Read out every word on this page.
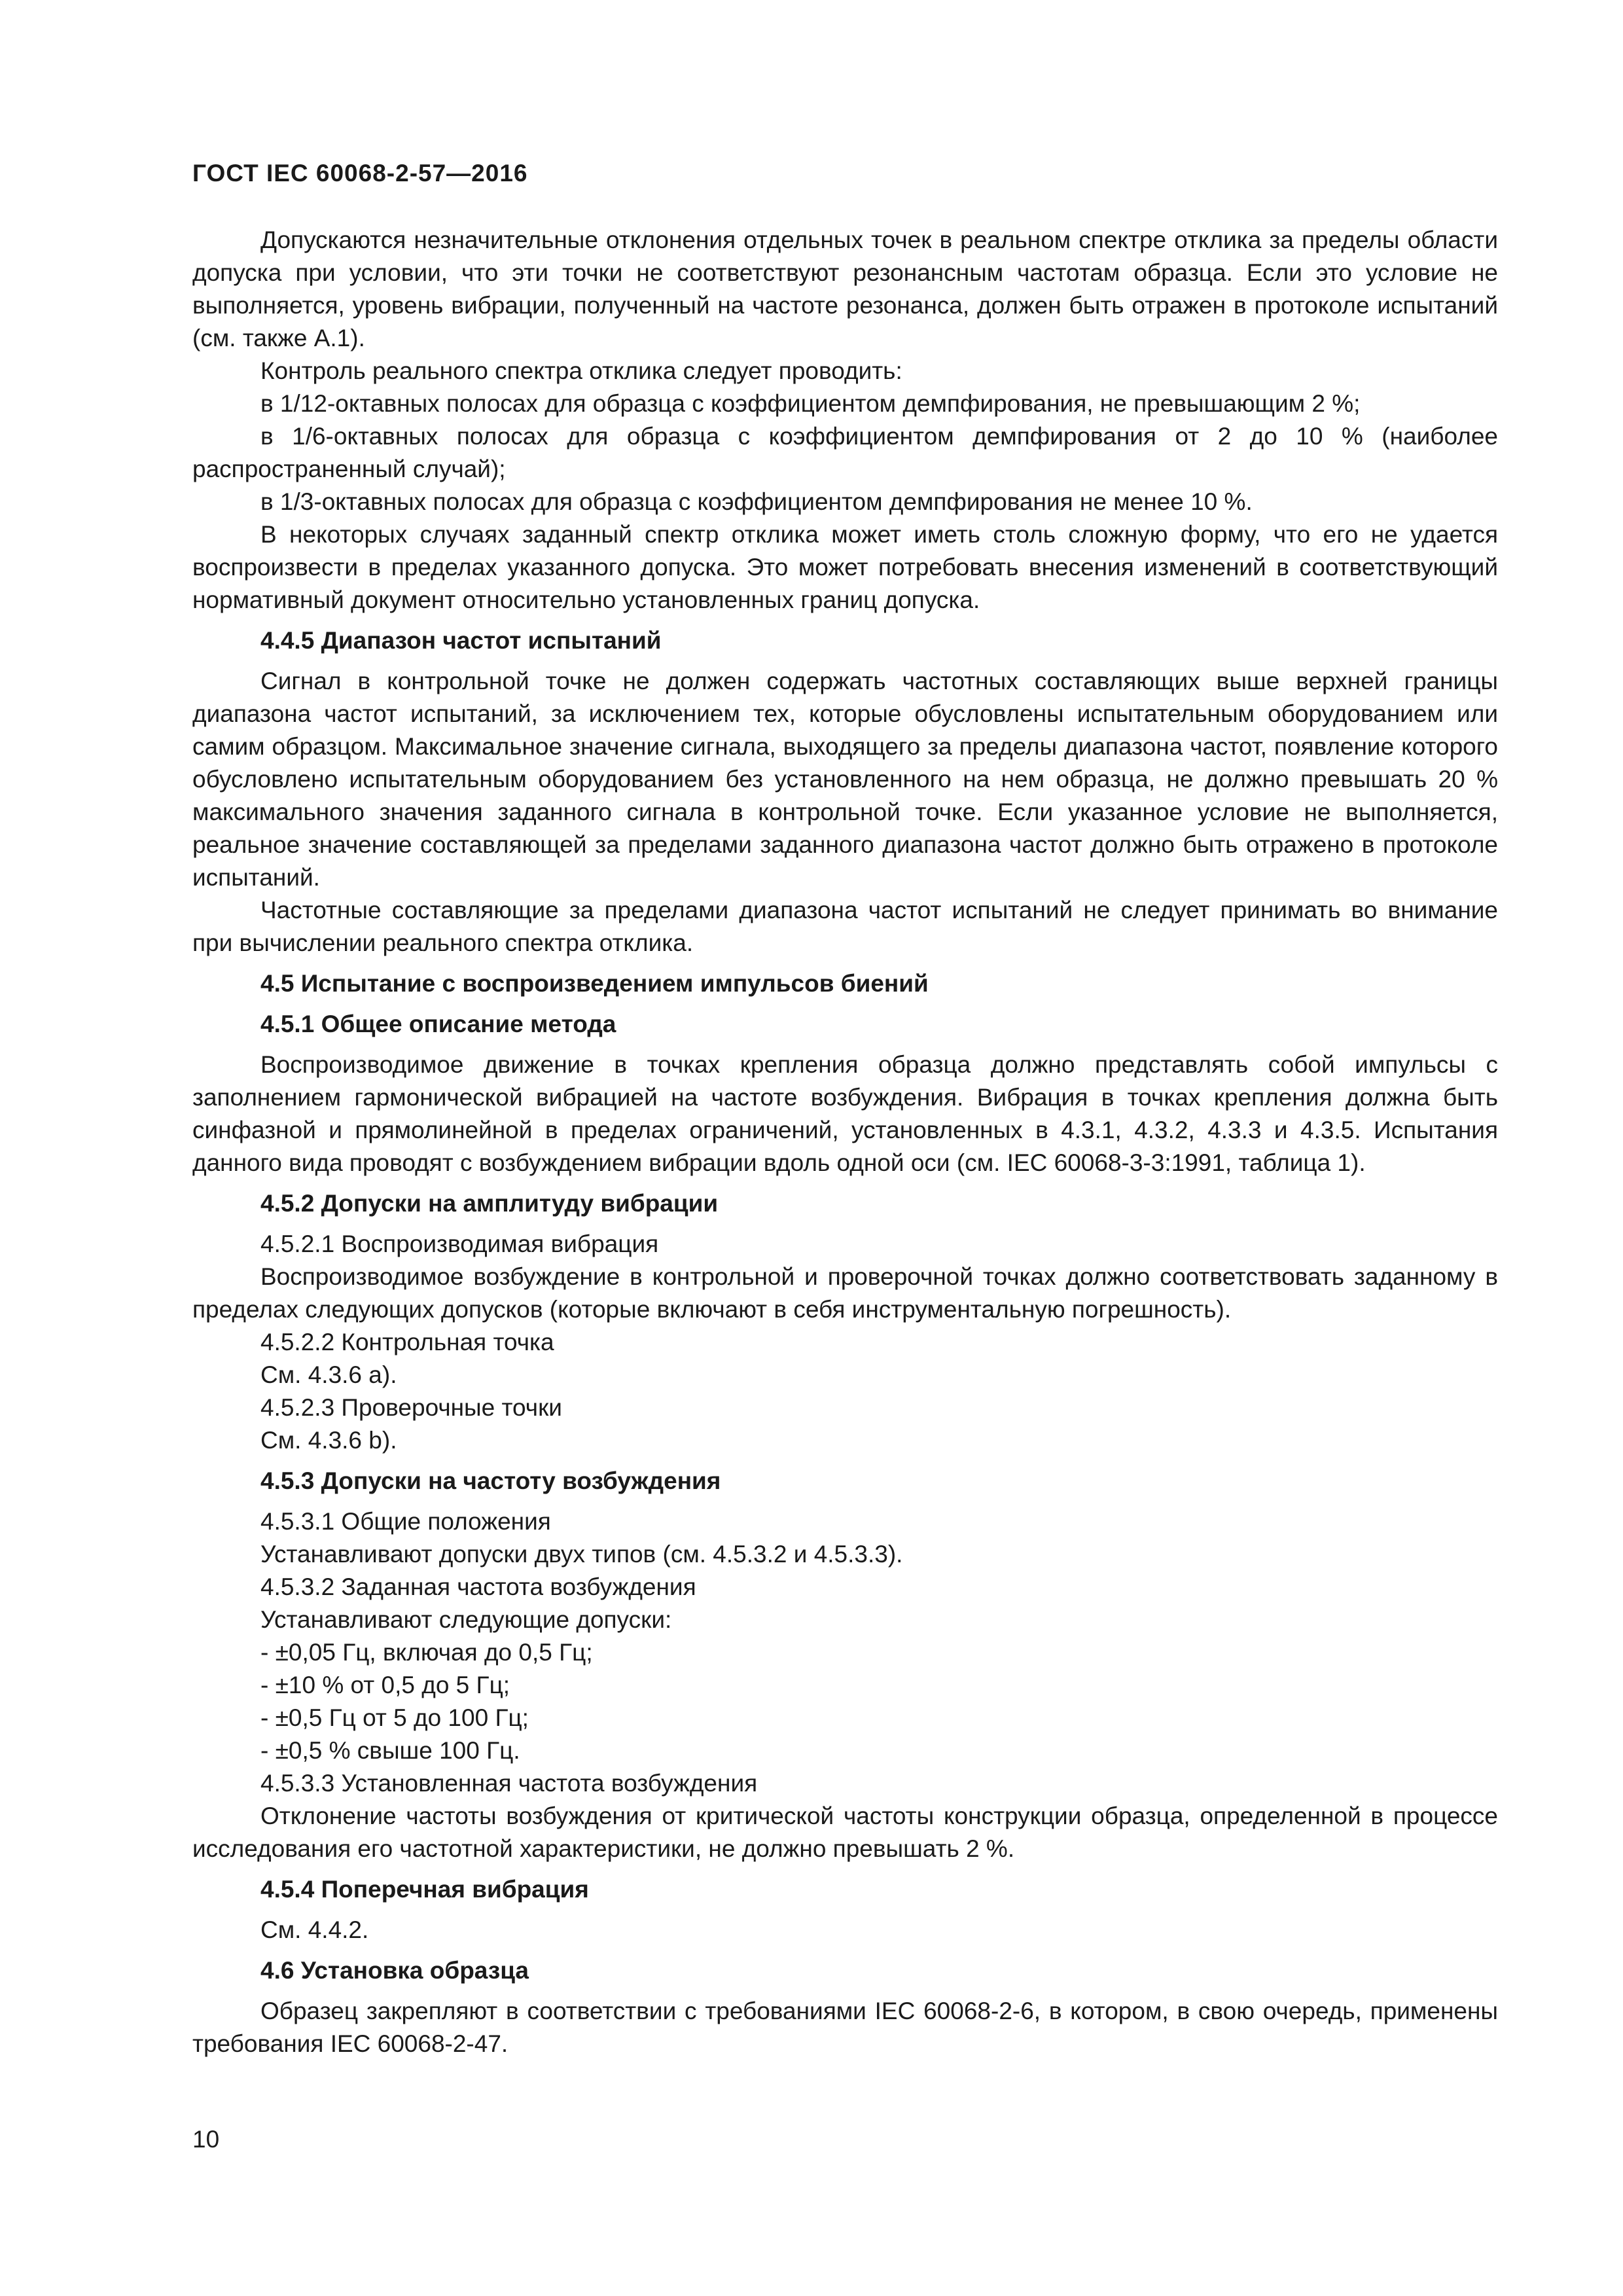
ГОСТ IEC 60068-2-57—2016

Допускаются незначительные отклонения отдельных точек в реальном спектре отклика за пределы области допуска при условии, что эти точки не соответствуют резонансным частотам образца. Если это условие не выполняется, уровень вибрации, полученный на частоте резонанса, должен быть отражен в протоколе испытаний (см. также А.1).

Контроль реального спектра отклика следует проводить:

в 1/12-октавных полосах для образца с коэффициентом демпфирования, не превышающим 2 %;

в 1/6-октавных полосах для образца с коэффициентом демпфирования от 2 до 10 % (наиболее распространенный случай);

в 1/3-октавных полосах для образца с коэффициентом демпфирования не менее 10 %.

В некоторых случаях заданный спектр отклика может иметь столь сложную форму, что его не удается воспроизвести в пределах указанного допуска. Это может потребовать внесения изменений в соответствующий нормативный документ относительно установленных границ допуска.

4.4.5 Диапазон частот испытаний

Сигнал в контрольной точке не должен содержать частотных составляющих выше верхней границы диапазона частот испытаний, за исключением тех, которые обусловлены испытательным оборудованием или самим образцом. Максимальное значение сигнала, выходящего за пределы диапазона частот, появление которого обусловлено испытательным оборудованием без установленного на нем образца, не должно превышать 20 % максимального значения заданного сигнала в контрольной точке. Если указанное условие не выполняется, реальное значение составляющей за пределами заданного диапазона частот должно быть отражено в протоколе испытаний.

Частотные составляющие за пределами диапазона частот испытаний не следует принимать во внимание при вычислении реального спектра отклика.

4.5 Испытание с воспроизведением импульсов биений

4.5.1 Общее описание метода

Воспроизводимое движение в точках крепления образца должно представлять собой импульсы с заполнением гармонической вибрацией на частоте возбуждения. Вибрация в точках крепления должна быть синфазной и прямолинейной в пределах ограничений, установленных в 4.3.1, 4.3.2, 4.3.3 и 4.3.5. Испытания данного вида проводят с возбуждением вибрации вдоль одной оси (см. IEC 60068-3-3:1991, таблица 1).

4.5.2 Допуски на амплитуду вибрации

4.5.2.1 Воспроизводимая вибрация

Воспроизводимое возбуждение в контрольной и проверочной точках должно соответствовать заданному в пределах следующих допусков (которые включают в себя инструментальную погрешность).

4.5.2.2 Контрольная точка

См. 4.3.6 a).

4.5.2.3 Проверочные точки

См. 4.3.6 b).

4.5.3 Допуски на частоту возбуждения

4.5.3.1 Общие положения

Устанавливают допуски двух типов (см. 4.5.3.2 и 4.5.3.3).

4.5.3.2 Заданная частота возбуждения

Устанавливают следующие допуски:

- ±0,05 Гц, включая до 0,5 Гц;

- ±10 % от 0,5 до 5 Гц;

- ±0,5 Гц от 5 до 100 Гц;

- ±0,5 % свыше 100 Гц.

4.5.3.3 Установленная частота возбуждения

Отклонение частоты возбуждения от критической частоты конструкции образца, определенной в процессе исследования его частотной характеристики, не должно превышать 2 %.

4.5.4 Поперечная вибрация

См. 4.4.2.

4.6 Установка образца

Образец закрепляют в соответствии с требованиями IEC 60068-2-6, в котором, в свою очередь, применены требования IEC 60068-2-47.

10
